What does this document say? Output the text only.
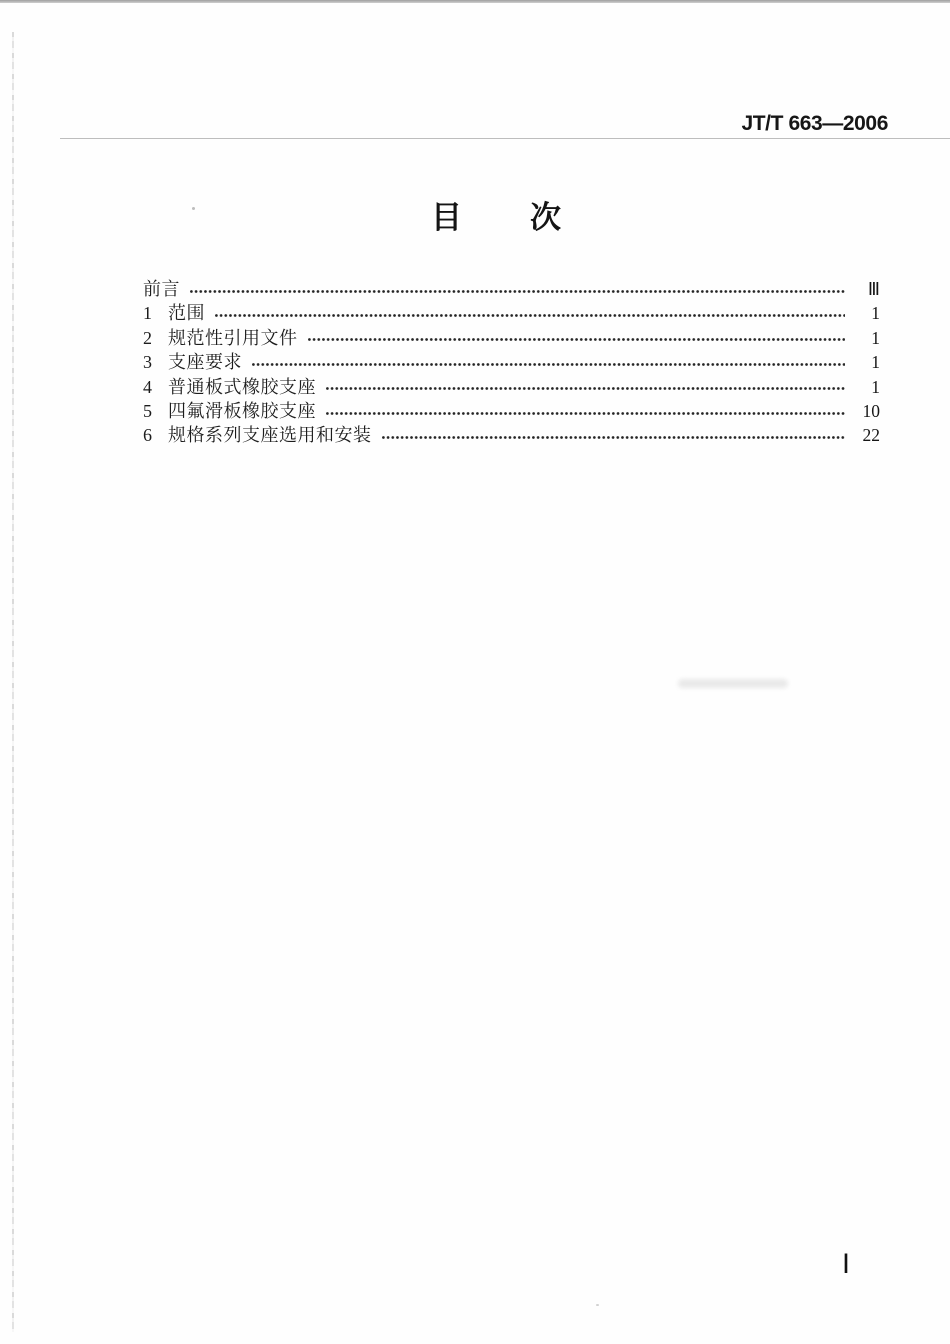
JT/T 663—2006
目　　次
前言	Ⅲ
1 范围	1
2 规范性引用文件	1
3 支座要求	1
4 普通板式橡胶支座	1
5 四氟滑板橡胶支座	10
6 规格系列支座选用和安装	22
Ⅰ
